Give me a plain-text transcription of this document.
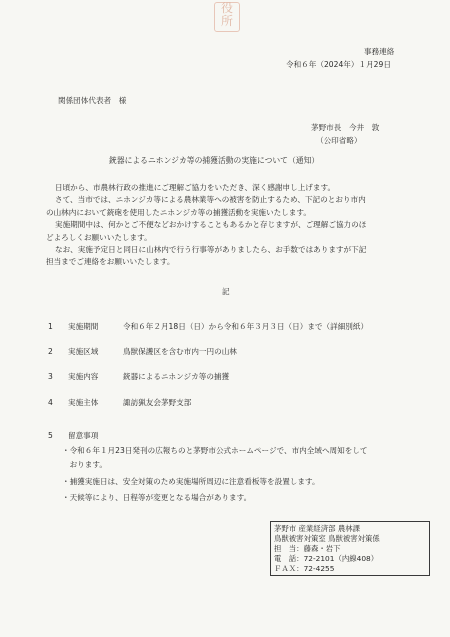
役
所
事務連絡
令和６年（2024年）１月29日
関係団体代表者　様
茅野市長　今井　敦
（公印省略）
銃器によるニホンジカ等の捕獲活動の実施について（通知）
日頃から、市農林行政の推進にご理解ご協力をいただき、深く感謝申し上げます。
さて、当市では、ニホンジカ等による農林業等への被害を防止するため、下記のとおり市内
の山林内において銃砲を使用したニホンジカ等の捕獲活動を実施いたします。
実施期間中は、何かとご不便などおかけすることもあるかと存じますが、ご理解ご協力のほ
どよろしくお願いいたします。
なお、実施予定日と同日に山林内で行う行事等がありましたら、お手数ではありますが下記
担当までご連絡をお願いいたします。
記
1 実施期間	令和６年２月18日（日）から令和６年３月３日（日）まで（詳細別紙）
2 実施区域	鳥獣保護区を含む市内一円の山林
3 実施内容	銃器によるニホンジカ等の捕獲
4 実施主体	諏訪猟友会茅野支部
5 留意事項
・令和６年１月23日発刊の広報ちのと茅野市公式ホームページで、市内全域へ周知をして
　おります。
・捕獲実施日は、安全対策のため実施場所周辺に注意看板等を設置します。
・天候等により、日程等が変更となる場合があります。
茅野市 産業経済部 農林課
鳥獣被害対策室 鳥獣被害対策係
担　当：藤森・岩下
電　話：72-2101（内線408）
ＦＡＸ：72-4255
